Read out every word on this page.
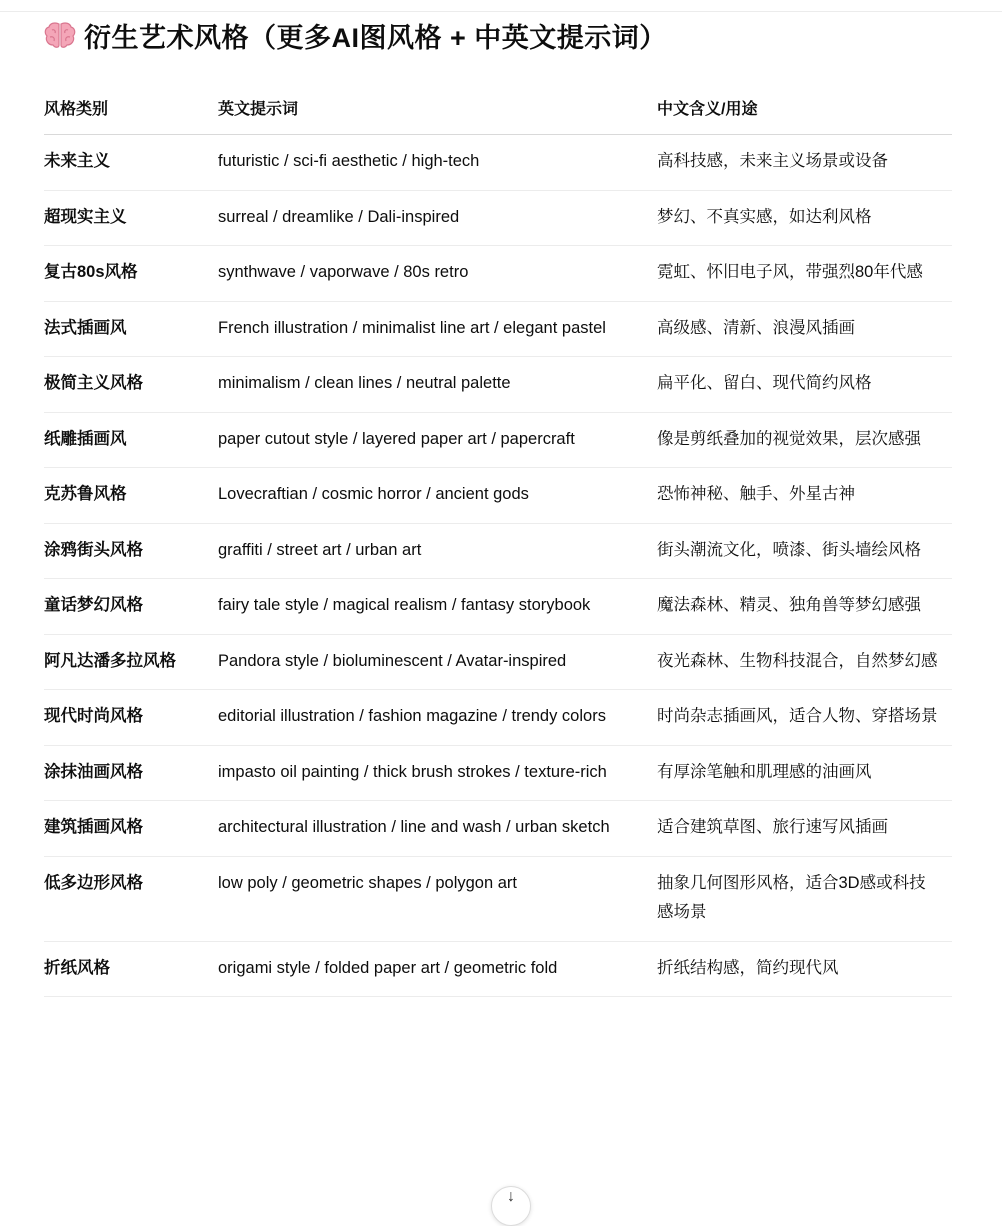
衍生艺术风格（更多AI图风格 + 中英文提示词）
风格类别	英文提示词	中文含义/用途
未来主义	futuristic / sci-fi aesthetic / high-tech	高科技感，未来主义场景或设备
超现实主义	surreal / dreamlike / Dali-inspired	梦幻、不真实感，如达利风格
复古80s风格	synthwave / vaporwave / 80s retro	霓虹、怀旧电子风，带强烈80年代感
法式插画风	French illustration / minimalist line art / elegant pastel	高级感、清新、浪漫风插画
极简主义风格	minimalism / clean lines / neutral palette	扁平化、留白、现代简约风格
纸雕插画风	paper cutout style / layered paper art / papercraft	像是剪纸叠加的视觉效果，层次感强
克苏鲁风格	Lovecraftian / cosmic horror / ancient gods	恐怖神秘、触手、外星古神
涂鸦街头风格	graffiti / street art / urban art	街头潮流文化，喷漆、街头墙绘风格
童话梦幻风格	fairy tale style / magical realism / fantasy storybook	魔法森林、精灵、独角兽等梦幻感强
阿凡达潘多拉风格	Pandora style / bioluminescent / Avatar-inspired	夜光森林、生物科技混合，自然梦幻感
现代时尚风格	editorial illustration / fashion magazine / trendy colors	时尚杂志插画风，适合人物、穿搭场景
涂抹油画风格	impasto oil painting / thick brush strokes / texture-rich	有厚涂笔触和肌理感的油画风
建筑插画风格	architectural illustration / line and wash / urban sketch	适合建筑草图、旅行速写风插画
低多边形风格	low poly / geometric shapes / polygon art	抽象几何图形风格，适合3D感或科技感场景
折纸风格	origami style / folded paper art / geometric fold	折纸结构感，简约现代风
↓
